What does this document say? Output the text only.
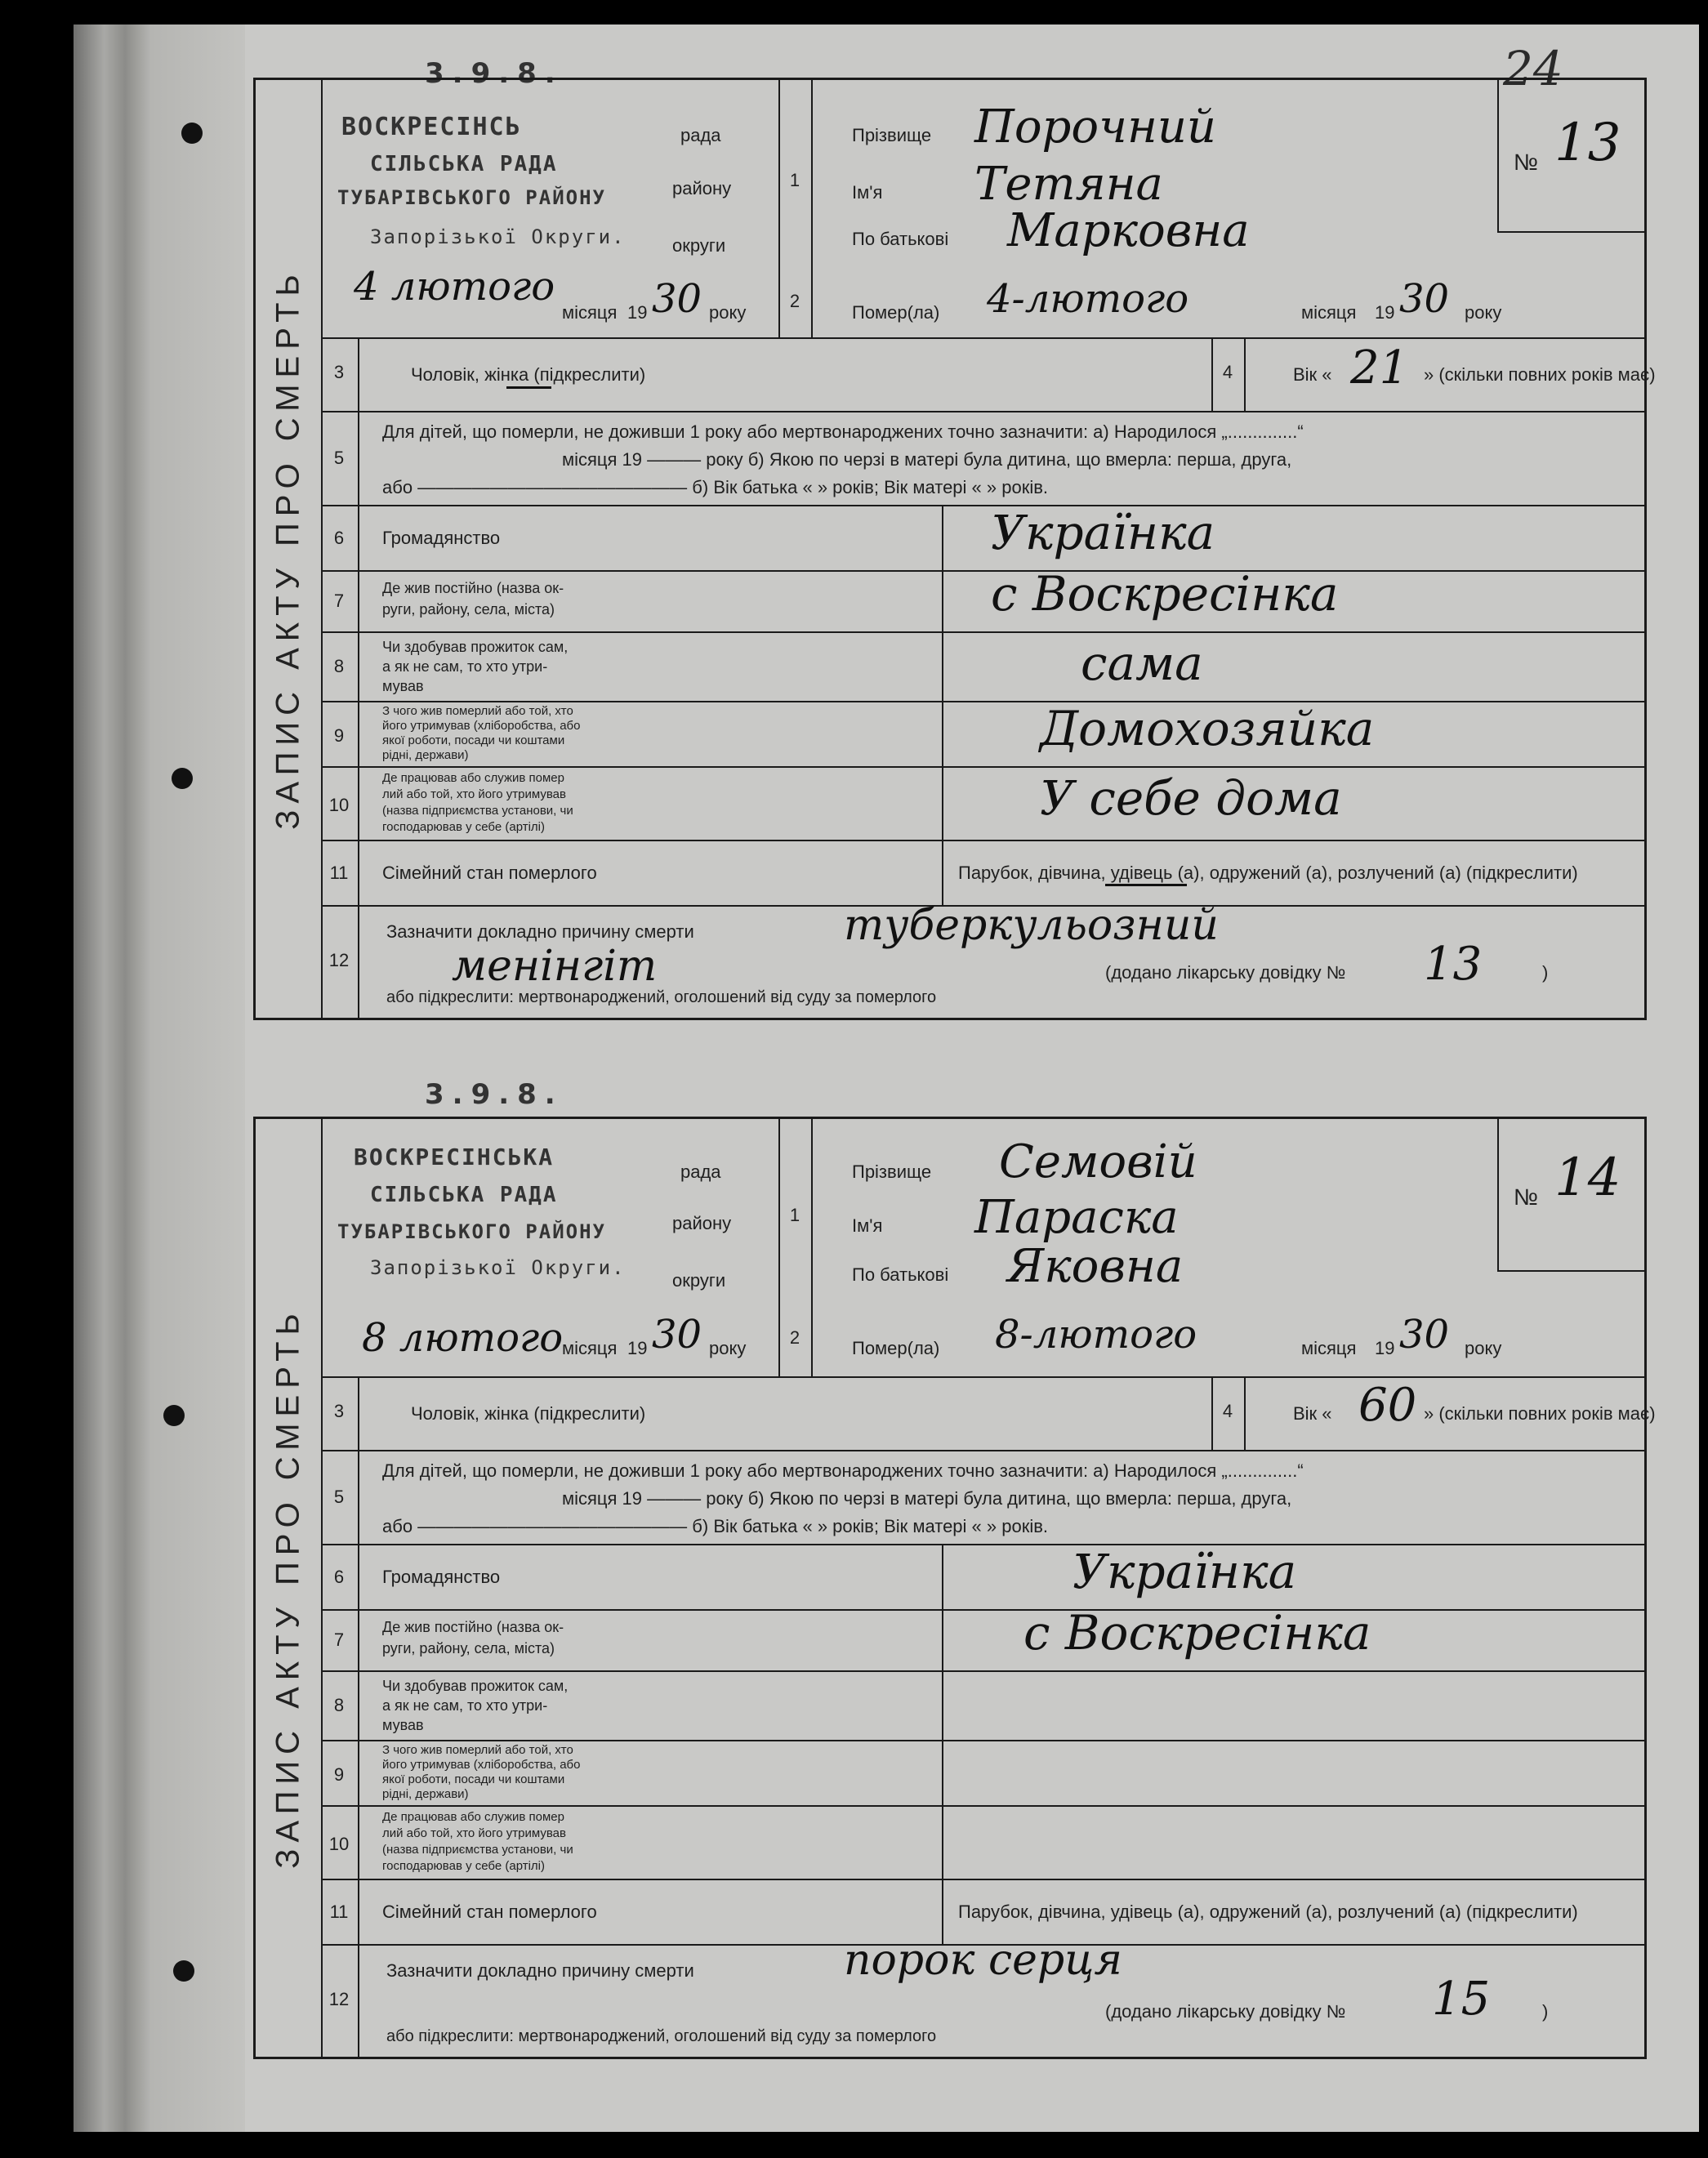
24
3.9.8.
ЗАПИС АКТУ ПРО СМЕРТЬ
ВОСКРЕСІНСЬ
СІЛЬСЬКА РАДА
ТУБАРІВСЬКОГО РАЙОНУ
Запорізької Округи.
рада
району
округи
4 лютого
місяця 19 30 року
1
Прізвище Порочний
Ім'я Тетяна
По батькові Марковна
№ 13
2
Помер(ла) 4-лютого	місяця 19 30 року
3	Чоловік, жінка (підкреслити)	4	Вік « 21 » (скільки повних років має)
5
Для дітей, що померли, не доживши 1 року або мертвонароджених точно зазначити: а) Народилося „..............“
місяця 19 ——— року б) Якою по черзі в матері була дитина, що вмерла: перша, друга,
або ——————————————— б) Вік батька « » років; Вік матері « » років.
6	Громадянство	Українка
7
Де жив постійно (назва ок-
руги, району, села, міста)	с Воскресінка
8
Чи здобував прожиток сам,
а як не сам, то хто утри-
мував	сама
9
З чого жив померлий або той, хто
його утримував (хліборобства, або
якої роботи, посади чи коштами
рідні, держави)	Домохозяйка
10
Де працював або служив помер
лий або той, хто його утримував
(назва підприємства установи, чи
господарював у себе (артілі)
У себе дома
11	Сімейний стан померлого	Парубок, дівчина, удівець (а), одружений (а), розлучений (а) (підкреслити)
12
Зазначити докладно причину смерти	туберкульозний
менінгіт	(додано лікарську довідку № 13	)
або підкреслити: мертвонароджений, оголошений від суду за померлого
3.9.8.
ЗАПИС АКТУ ПРО СМЕРТЬ
ВОСКРЕСІНСЬКА
СІЛЬСЬКА РАДА
ТУБАРІВСЬКОГО РАЙОНУ
Запорізької Округи.
рада
району
округи
8 лютого
місяця 19 30 року
1
Прізвище Семовій
Ім'я Параска
По батькові Яковна
№ 14
2
Помер(ла) 8-лютого	місяця 19 30 року
3	Чоловік, жінка (підкреслити)	4	Вік « 60 » (скільки повних років має)
5
Для дітей, що померли, не доживши 1 року або мертвонароджених точно зазначити: а) Народилося „..............“
місяця 19 ——— року б) Якою по черзі в матері була дитина, що вмерла: перша, друга,
або ——————————————— б) Вік батька « » років; Вік матері « » років.
6	Громадянство	Українка
7
Де жив постійно (назва ок-
руги, району, села, міста)	с Воскресінка
8
Чи здобував прожиток сам,
а як не сам, то хто утри-
мував
9
З чого жив померлий або той, хто
його утримував (хліборобства, або
якої роботи, посади чи коштами
рідні, держави)
10
Де працював або служив помер
лий або той, хто його утримував
(назва підприємства установи, чи
господарював у себе (артілі)
11	Сімейний стан померлого	Парубок, дівчина, удівець (а), одружений (а), розлучений (а) (підкреслити)
12
Зазначити докладно причину смерти	порок серця
(додано лікарську довідку № 15	)
або підкреслити: мертвонароджений, оголошений від суду за померлого
